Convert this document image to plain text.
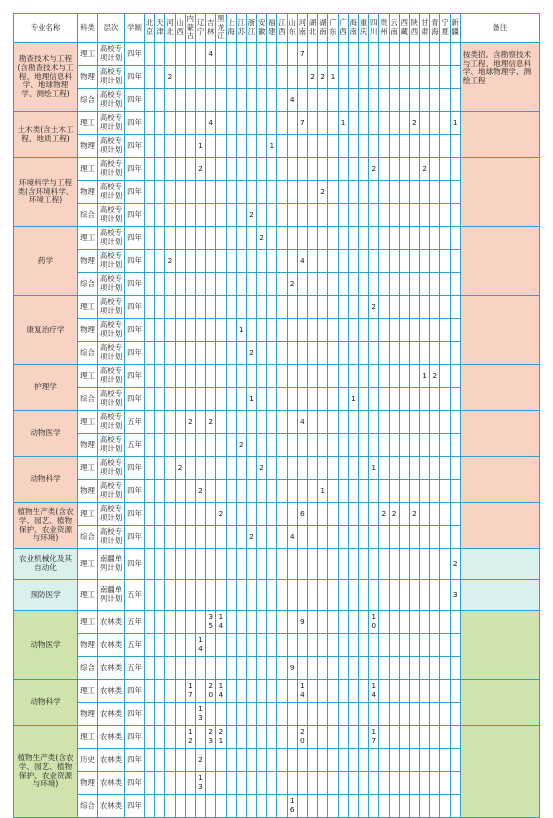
专业名称	科类	层次	学制	北京	天津	河北	山西	内蒙古	辽宁	吉林	黑龙江	上海	江苏	浙江	安徽	福建	江西	山东	河南	湖北	湖南	广东	广西	海南	重庆	四川	贵州	云南	西藏	陕西	甘肃	青海	宁夏	新疆	备注
勘查技术与工程(含勘查技术与工程、地理信息科学、地球物理学、测绘工程)	理工	高校专项计划	四年							4									7																按类招。含勘察技术与工程、地理信息科学、地球物理学、测绘工程
	物理	高校专项计划	四年			2														2	2	1													
	综合	高校专项计划	四年															4																	
土木类(含土木工程、地质工程)	理工	高校专项计划	四年							4									7				1							2				1	
	物理	高校专项计划	四年						1							1																			
环境科学与工程类(含环境科学、环境工程)	理工	高校专项计划	四年						2																	2					2				
	物理	高校专项计划	四年																		2														
	综合	高校专项计划	四年											2																					
药学	理工	高校专项计划	四年												2																				
	物理	高校专项计划	四年			2													4																
	综合	高校专项计划	四年															2																	
康复治疗学	理工	高校专项计划	四年																							2									
	物理	高校专项计划	四年										1																						
	综合	高校专项计划	四年											2																					
护理学	理工	高校专项计划	四年																												1	2			
	综合	高校专项计划	四年											1										1											
动物医学	理工	高校专项计划	五年					2		2									4																
	物理	高校专项计划	五年										2																						
动物科学	理工	高校专项计划	四年				2								2											1									
	物理	高校专项计划	四年						2												1														
植物生产类(含农学、园艺、植物保护、农业资源与环境)	理工	高校专项计划	四年								2								6								2	2		2					
	综合	高校专项计划	四年											2				4																	
农业机械化及其自动化	理工	南疆单列计划	四年																															2	
预防医学	理工	南疆单列计划	五年																															3	
动物医学	理工	农林类	五年							35	14								9							10									
	物理	农林类	五年						14																										
	综合	农林类	五年															9																	
动物科学	理工	农林类	四年					17		20	14								14							14									
	物理	农林类	四年						13																										
植物生产类(含农学、园艺、植物保护、农业资源与环境)	理工	农林类	四年					12		23	21								20							17									
	历史	农林类	四年						2																										
	物理	农林类	四年						13																										
	综合	农林类	四年															16																	
